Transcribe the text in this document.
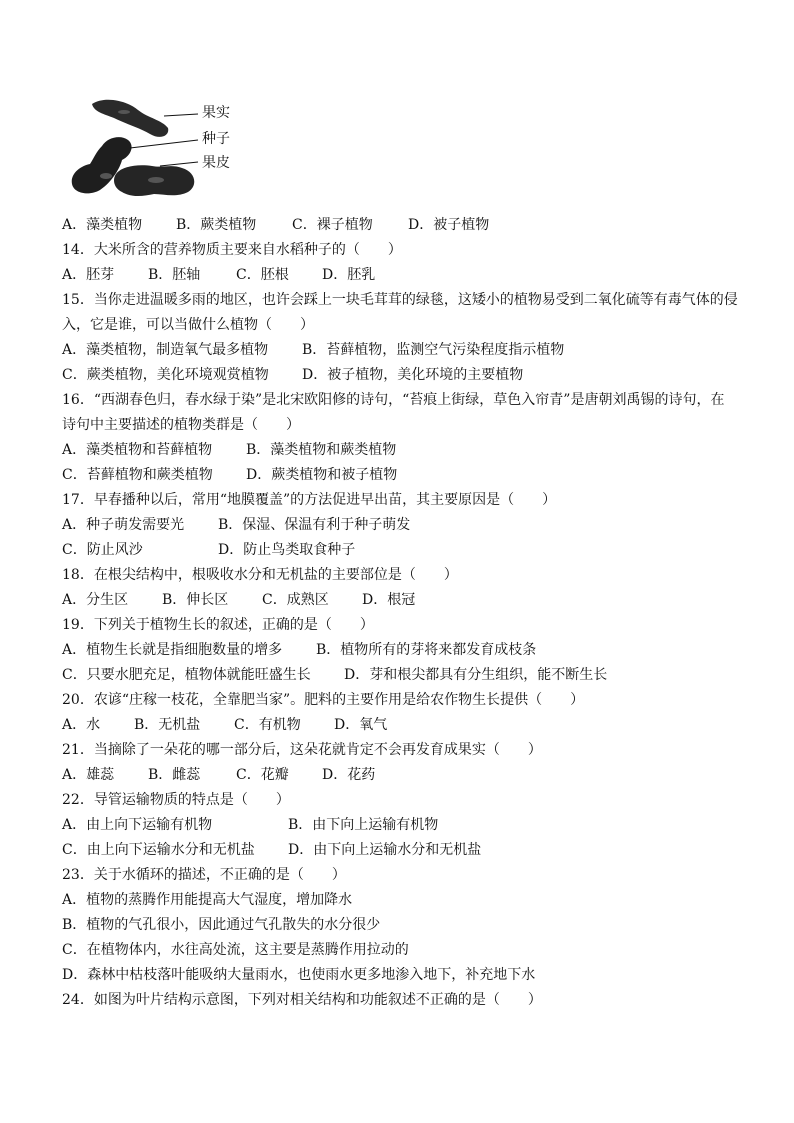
果实
种子
果皮
A．藻类植物 B．蕨类植物	C．裸子植物	D．被子植物
14．大米所含的营养物质主要来自水稻种子的（　　）
A．胚芽 B．胚轴	C．胚根 D．胚乳
15．当你走进温暖多雨的地区，也许会踩上一块毛茸茸的绿毯，这矮小的植物易受到二氧化硫等有毒气体的侵
入，它是谁，可以当做什么植物（　　）
A．藻类植物，制造氧气最多植物 B．苔藓植物，监测空气污染程度指示植物
C．蕨类植物，美化环境观赏植物 D．被子植物，美化环境的主要植物
16．“西湖春色归，春水绿于染”是北宋欧阳修的诗句，“苔痕上街绿，草色入帘青”是唐朝刘禹锡的诗句，在
诗句中主要描述的植物类群是（　　）
A．藻类植物和苔藓植物 B．藻类植物和蕨类植物
C．苔藓植物和蕨类植物 D．蕨类植物和被子植物
17．早春播种以后，常用“地膜覆盖”的方法促进早出苗，其主要原因是（　　）
A．种子萌发需要光 B．保湿、保温有利于种子萌发
C．防止风沙	D．防止鸟类取食种子
18．在根尖结构中，根吸收水分和无机盐的主要部位是（　　）
A．分生区 B．伸长区 C．成熟区 D．根冠
19．下列关于植物生长的叙述，正确的是（　　）
A．植物生长就是指细胞数量的增多 B．植物所有的芽将来都发育成枝条
C．只要水肥充足，植物体就能旺盛生长 D．芽和根尖都具有分生组织，能不断生长
20．农谚“庄稼一枝花，全靠肥当家”。肥料的主要作用是给农作物生长提供（　　）
A．水 B．无机盐 C．有机物 D．氧气
21．当摘除了一朵花的哪一部分后，这朵花就肯定不会再发育成果实（　　）
A．雄蕊 B．雌蕊	C．花瓣 D．花药
22．导管运输物质的特点是（　　）
A．由上向下运输有机物	B．由下向上运输有机物
C．由上向下运输水分和无机盐 D．由下向上运输水分和无机盐
23．关于水循环的描述，不正确的是（　　）
A．植物的蒸腾作用能提高大气湿度，增加降水
B．植物的气孔很小，因此通过气孔散失的水分很少
C．在植物体内，水往高处流，这主要是蒸腾作用拉动的
D．森林中枯枝落叶能吸纳大量雨水，也使雨水更多地渗入地下，补充地下水
24．如图为叶片结构示意图，下列对相关结构和功能叙述不正确的是（　　）
